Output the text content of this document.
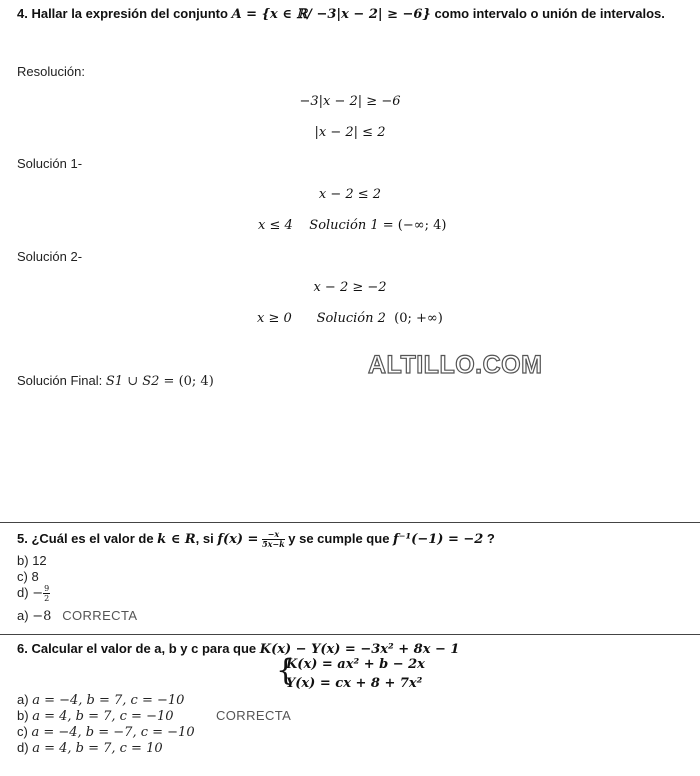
4. Hallar la expresión del conjunto A = {x ∈ ℝ/ −3|x − 2| ≥ −6} como intervalo o unión de intervalos.
Resolución:
−3|x − 2| ≥ −6
|x − 2| ≤ 2
Solución 1-
x − 2 ≤ 2
x ≤ 4 Solución 1 = (−∞; 4)
Solución 2-
x − 2 ≥ −2
x ≥ 0 Solución 2 (0; +∞)
ALTILLO.COM
Solución Final: S1 ∪ S2 = (0; 4)
5. ¿Cuál es el valor de k ∈ R, si $f(x) = \frac{-x}{5x-k}$ y se cumple que f⁻¹(−1) = −2 ?
b) 12
c) 8
$d) - \frac{9}{2}$
a) −8 CORRECTA
6. Calcular el valor de a, b y c para que K(x) − Y(x) = −3x² + 8x − 1
{
K(x) = ax² + b − 2x
Y(x) = cx + 8 + 7x²
a) a = −4, b = 7, c = −10
b) a = 4, b = 7, c = −10	CORRECTA
c) a = −4, b = −7, c = −10
d) a = 4, b = 7, c = 10
